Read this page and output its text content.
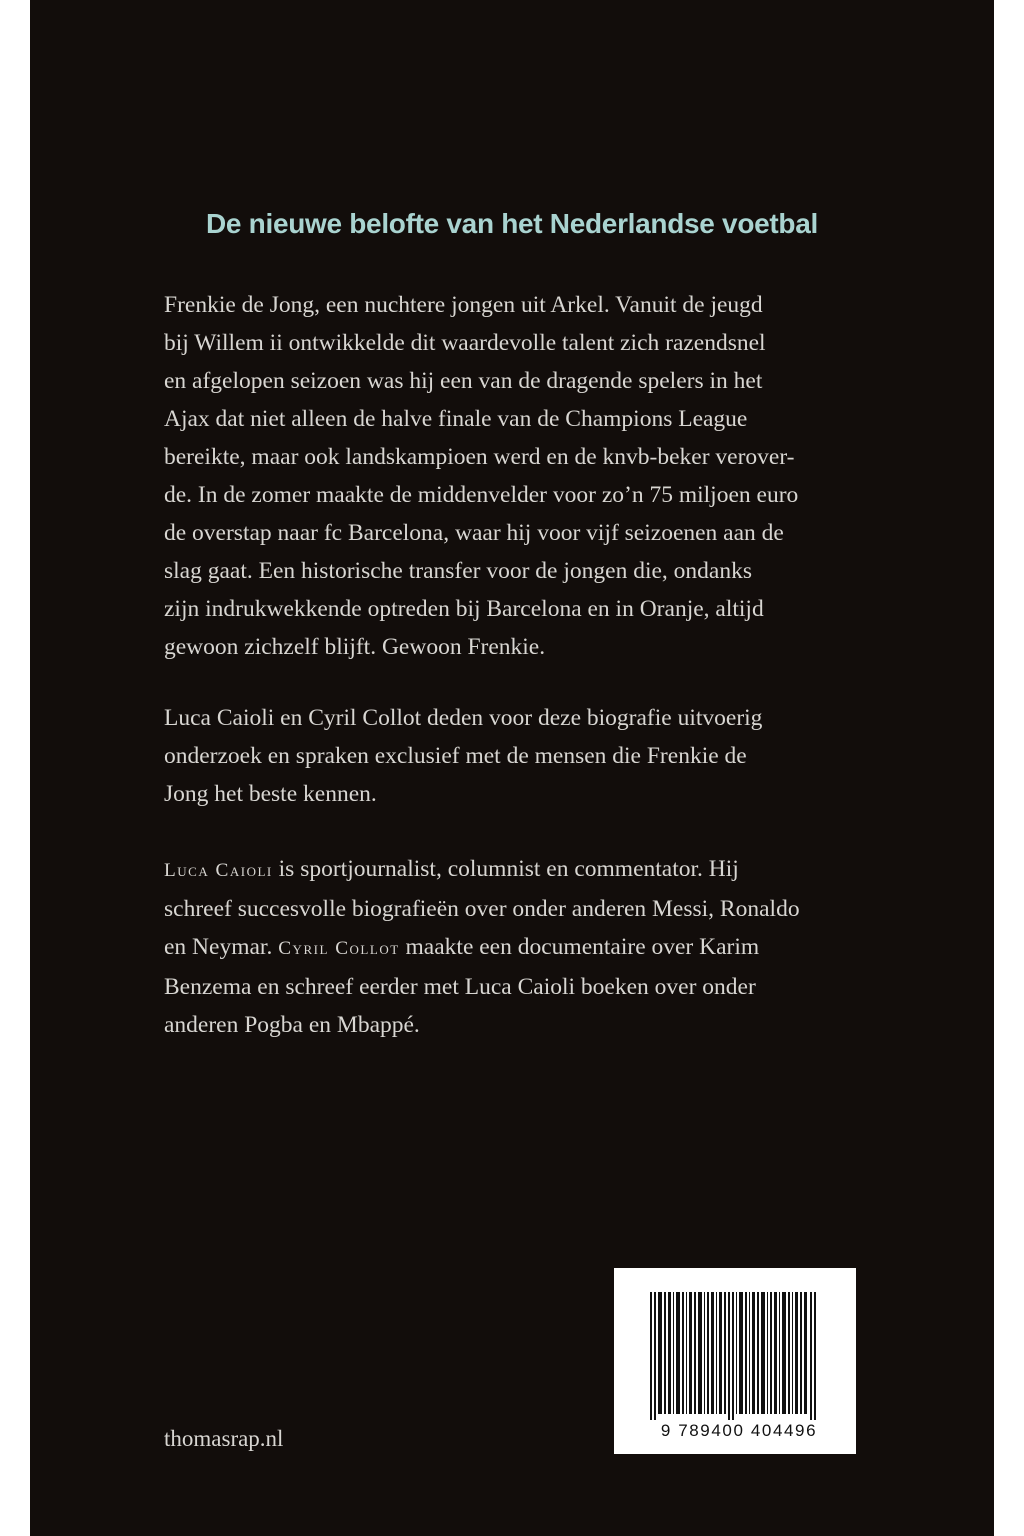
De nieuwe belofte van het Nederlandse voetbal
Frenkie de Jong, een nuchtere jongen uit Arkel. Vanuit de jeugd
bij Willem ii ontwikkelde dit waardevolle talent zich razendsnel
en afgelopen seizoen was hij een van de dragende spelers in het
Ajax dat niet alleen de halve finale van de Champions League
bereikte, maar ook landskampioen werd en de knvb-beker verover-
de. In de zomer maakte de middenvelder voor zo’n 75 miljoen euro
de overstap naar fc Barcelona, waar hij voor vijf seizoenen aan de
slag gaat. Een historische transfer voor de jongen die, ondanks
zijn indrukwekkende optreden bij Barcelona en in Oranje, altijd
gewoon zichzelf blijft. Gewoon Frenkie.
Luca Caioli en Cyril Collot deden voor deze biografie uitvoerig
onderzoek en spraken exclusief met de mensen die Frenkie de
Jong het beste kennen.
Luca Caioli is sportjournalist, columnist en commentator. Hij
schreef succesvolle biografieën over onder anderen Messi, Ronaldo
en Neymar. Cyril Collot maakte een documentaire over Karim
Benzema en schreef eerder met Luca Caioli boeken over onder
anderen Pogba en Mbappé.

thomasrap.nl	9 789400 404496
